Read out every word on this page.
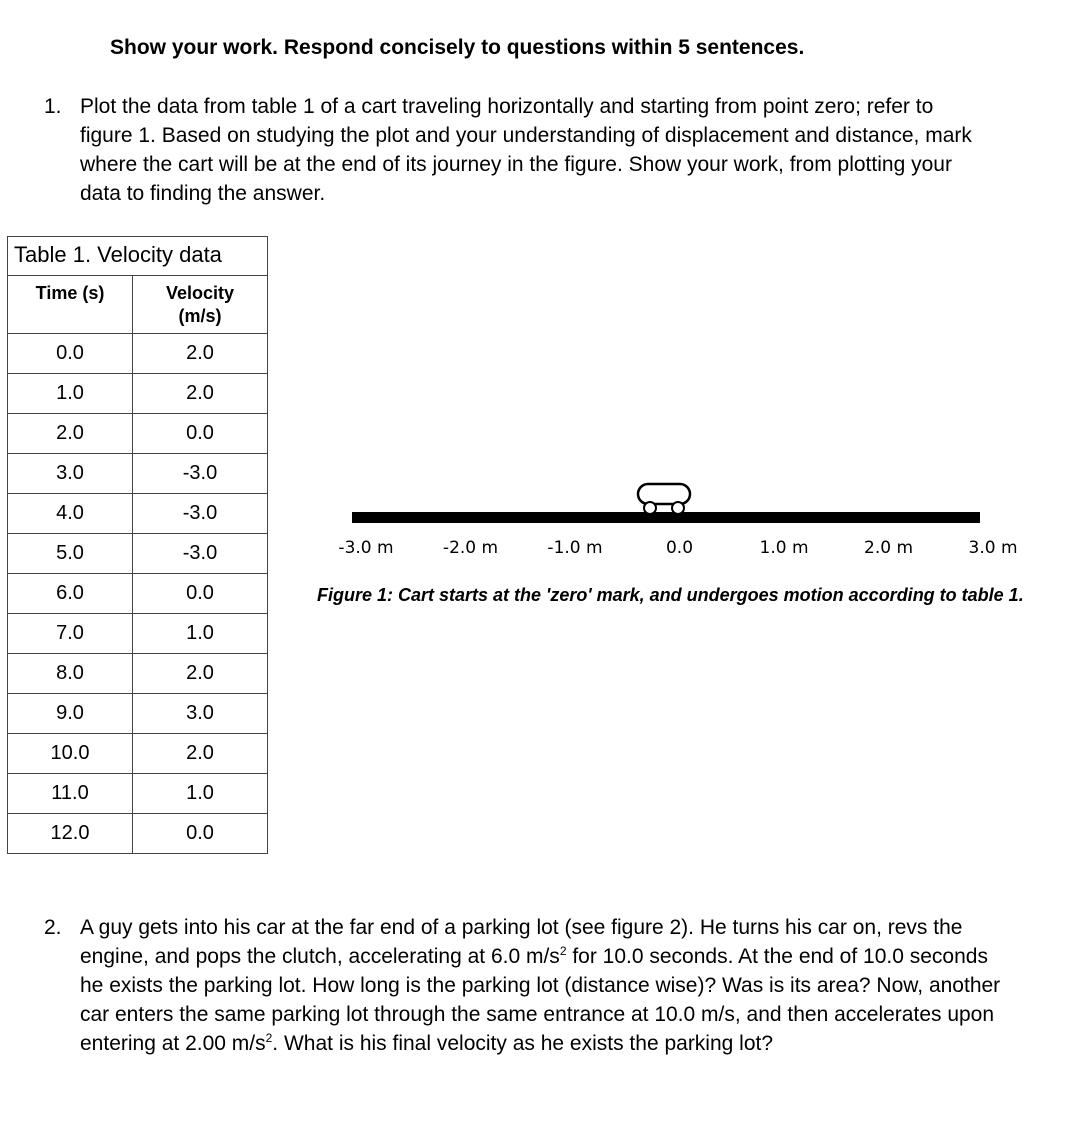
Show your work. Respond concisely to questions within 5 sentences.
1. Plot the data from table 1 of a cart traveling horizontally and starting from point zero; refer to figure 1. Based on studying the plot and your understanding of displacement and distance, mark where the cart will be at the end of its journey in the figure. Show your work, from plotting your data to finding the answer.
Table 1. Velocity data
Time (s)	Velocity
(m/s)
0.0	2.0
1.0	2.0
2.0	0.0
3.0	-3.0
4.0	-3.0
5.0	-3.0
6.0	0.0
7.0	1.0
8.0	2.0
9.0	3.0
10.0	2.0
11.0	1.0
12.0	0.0
-3.0 m	-2.0 m	-1.0 m	0.0	1.0 m	2.0 m	3.0 m
Figure 1: Cart starts at the 'zero' mark, and undergoes motion according to table 1.
2. A guy gets into his car at the far end of a parking lot (see figure 2). He turns his car on, revs the engine, and pops the clutch, accelerating at 6.0 $m/s^2$ for 10.0 seconds. At the end of 10.0 seconds he exists the parking lot. How long is the parking lot (distance wise)? Was is its area? Now, another car enters the same parking lot through the same entrance at 10.0 m/s, and then accelerates upon entering at 2.00 $m/s^2$. What is his final velocity as he exists the parking lot?
